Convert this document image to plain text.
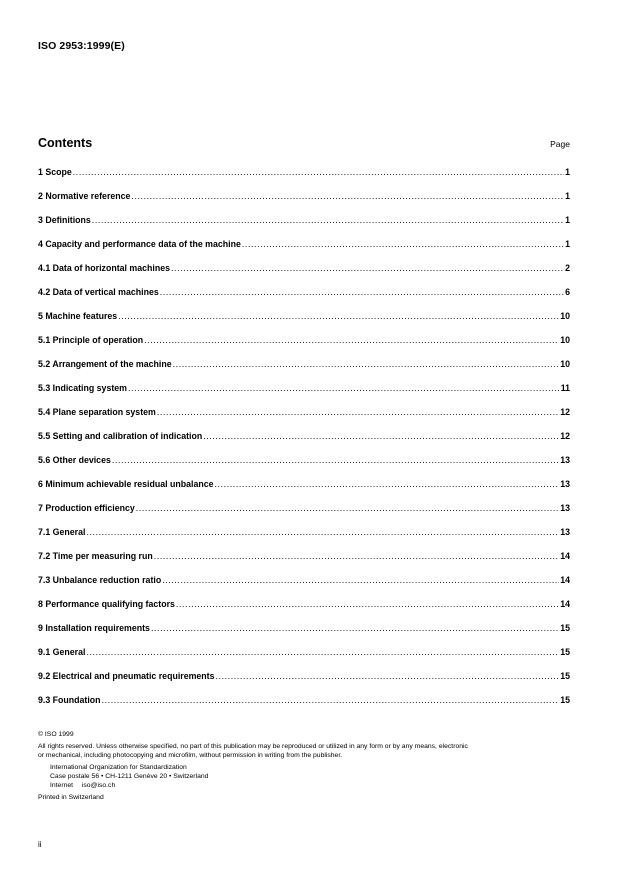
ISO 2953:1999(E)
Contents	Page
1 Scope .....	1
2 Normative reference .....	1
3 Definitions .....	1
4 Capacity and performance data of the machine .....	1
4.1 Data of horizontal machines .....	2
4.2 Data of vertical machines .....	6
5 Machine features .....	10
5.1 Principle of operation .....	10
5.2 Arrangement of the machine .....	10
5.3 Indicating system .....	11
5.4 Plane separation system .....	12
5.5 Setting and calibration of indication .....	12
5.6 Other devices .....	13
6 Minimum achievable residual unbalance .....	13
7 Production efficiency .....	13
7.1 General .....	13
7.2 Time per measuring run .....	14
7.3 Unbalance reduction ratio .....	14
8 Performance qualifying factors .....	14
9 Installation requirements .....	15
9.1 General .....	15
9.2 Electrical and pneumatic requirements .....	15
9.3 Foundation .....	15
© ISO 1999
All rights reserved. Unless otherwise specified, no part of this publication may be reproduced or utilized in any form or by any means, electronic
or mechanical, including photocopying and microfilm, without permission in writing from the publisher.
International Organization for Standardization
Case postale 56 • CH-1211 Genève 20 • Switzerland
Internet iso@iso.ch
Printed in Switzerland
ii
